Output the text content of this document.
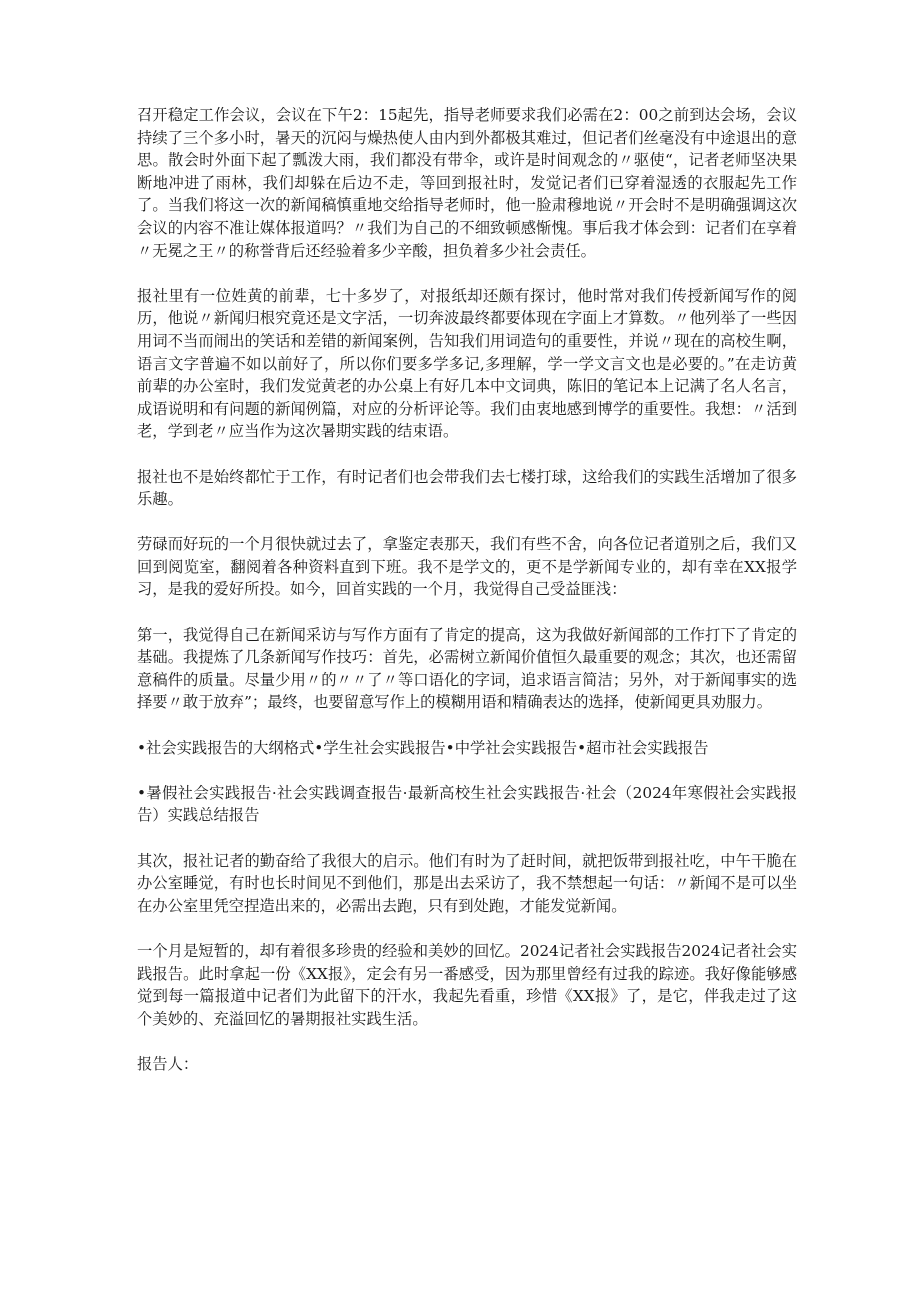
召开稳定工作会议，会议在下午2：15起先，指导老师要求我们必需在2：00之前到达会场，会议持续了三个多小时，暑天的沉闷与燥热使人由内到外都极其难过，但记者们丝毫没有中途退出的意思。散会时外面下起了瓢泼大雨，我们都没有带伞，或许是时间观念的〃驱使“，记者老师坚决果断地冲进了雨林，我们却躲在后边不走，等回到报社时，发觉记者们已穿着湿透的衣服起先工作了。当我们将这一次的新闻稿慎重地交给指导老师时，他一脸肃穆地说〃开会时不是明确强调这次会议的内容不准让媒体报道吗？〃我们为自己的不细致顿感惭愧。事后我才体会到：记者们在享着〃无冕之王〃的称誉背后还经验着多少辛酸，担负着多少社会责任。

报社里有一位姓黄的前辈，七十多岁了，对报纸却还颇有探讨，他时常对我们传授新闻写作的阅历，他说〃新闻归根究竟还是文字活，一切奔波最终都要体现在字面上才算数。〃他列举了一些因用词不当而闹出的笑话和差错的新闻案例，告知我们用词造句的重要性，并说〃现在的高校生啊，语言文字普遍不如以前好了，所以你们要多学多记,多理解，学一学文言文也是必要的。”在走访黄前辈的办公室时，我们发觉黄老的办公桌上有好几本中文词典，陈旧的笔记本上记满了名人名言，成语说明和有问题的新闻例篇，对应的分析评论等。我们由衷地感到博学的重要性。我想：〃活到老，学到老〃应当作为这次暑期实践的结束语。

报社也不是始终都忙于工作，有时记者们也会带我们去七楼打球，这给我们的实践生活增加了很多乐趣。

劳碌而好玩的一个月很快就过去了，拿鉴定表那天，我们有些不舍，向各位记者道别之后，我们又回到阅览室，翻阅着各种资料直到下班。我不是学文的，更不是学新闻专业的，却有幸在XX报学习，是我的爱好所投。如今，回首实践的一个月，我觉得自己受益匪浅：

第一，我觉得自己在新闻采访与写作方面有了肯定的提高，这为我做好新闻部的工作打下了肯定的基础。我提炼了几条新闻写作技巧：首先，必需树立新闻价值恒久最重要的观念；其次，也还需留意稿件的质量。尽量少用〃的〃〃了〃等口语化的字词，追求语言简洁；另外，对于新闻事实的选择要〃敢于放弃”；最终，也要留意写作上的模糊用语和精确表达的选择，使新闻更具劝服力。

•社会实践报告的大纲格式•学生社会实践报告•中学社会实践报告•超市社会实践报告

•暑假社会实践报告·社会实践调查报告·最新高校生社会实践报告·社会（2024年寒假社会实践报告）实践总结报告

其次，报社记者的勤奋给了我很大的启示。他们有时为了赶时间，就把饭带到报社吃，中午干脆在办公室睡觉，有时也长时间见不到他们，那是出去采访了，我不禁想起一句话：〃新闻不是可以坐在办公室里凭空捏造出来的，必需出去跑，只有到处跑，才能发觉新闻。

一个月是短暂的，却有着很多珍贵的经验和美妙的回忆。2024记者社会实践报告2024记者社会实践报告。此时拿起一份《XX报》，定会有另一番感受，因为那里曾经有过我的踪迹。我好像能够感觉到每一篇报道中记者们为此留下的汗水，我起先看重，珍惜《XX报》了，是它，伴我走过了这个美妙的、充溢回忆的暑期报社实践生活。

报告人：
